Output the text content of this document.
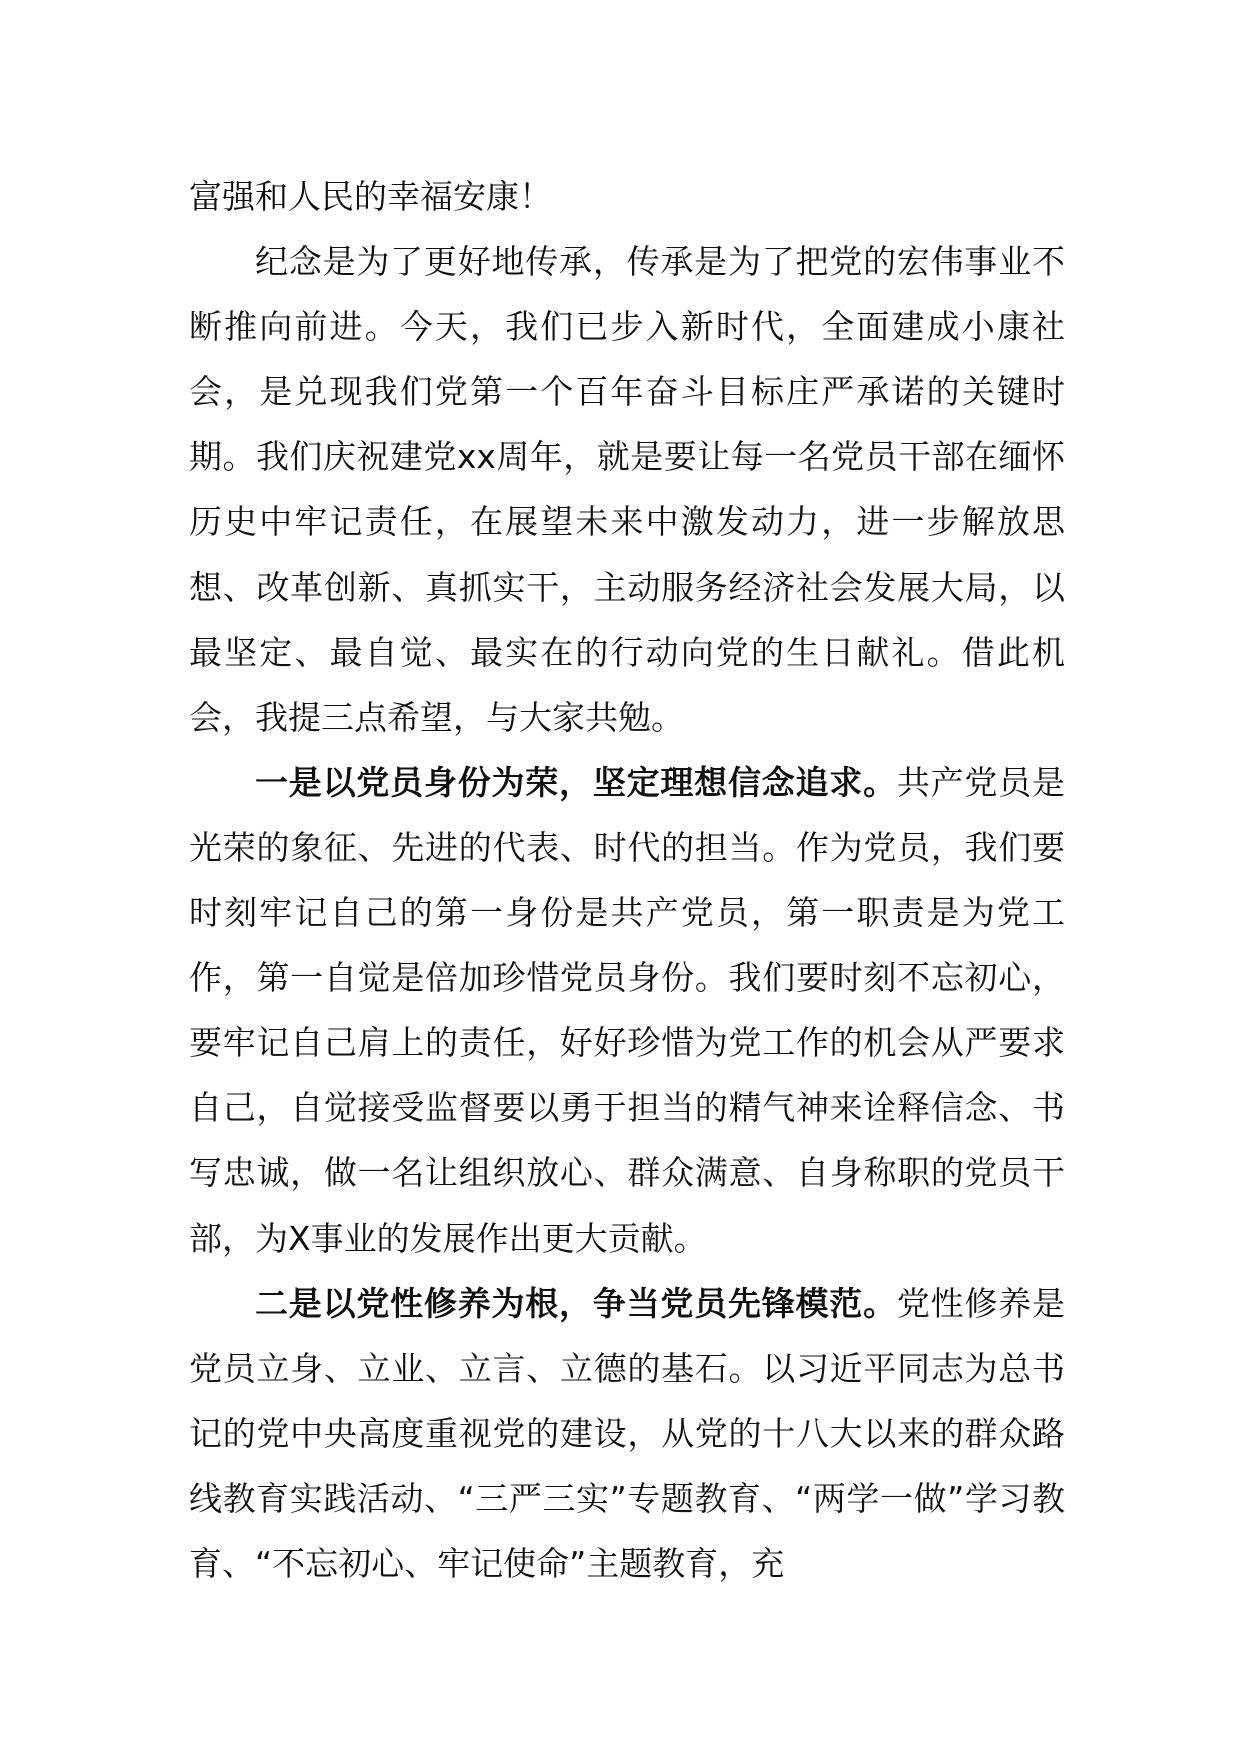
富强和人民的幸福安康！

纪念是为了更好地传承，传承是为了把党的宏伟事业不断推向前进。今天，我们已步入新时代，全面建成小康社会，是兑现我们党第一个百年奋斗目标庄严承诺的关键时期。我们庆祝建党xx周年，就是要让每一名党员干部在缅怀历史中牢记责任，在展望未来中激发动力，进一步解放思想、改革创新、真抓实干，主动服务经济社会发展大局，以最坚定、最自觉、最实在的行动向党的生日献礼。借此机会，我提三点希望，与大家共勉。

一是以党员身份为荣，坚定理想信念追求。共产党员是光荣的象征、先进的代表、时代的担当。作为党员，我们要时刻牢记自己的第一身份是共产党员，第一职责是为党工作，第一自觉是倍加珍惜党员身份。我们要时刻不忘初心，要牢记自己肩上的责任，好好珍惜为党工作的机会从严要求自己，自觉接受监督要以勇于担当的精气神来诠释信念、书写忠诚，做一名让组织放心、群众满意、自身称职的党员干部，为X事业的发展作出更大贡献。

二是以党性修养为根，争当党员先锋模范。党性修养是党员立身、立业、立言、立德的基石。以习近平同志为总书记的党中央高度重视党的建设，从党的十八大以来的群众路线教育实践活动、“三严三实”专题教育、“两学一做”学习教育、“不忘初心、牢记使命”主题教育，充
